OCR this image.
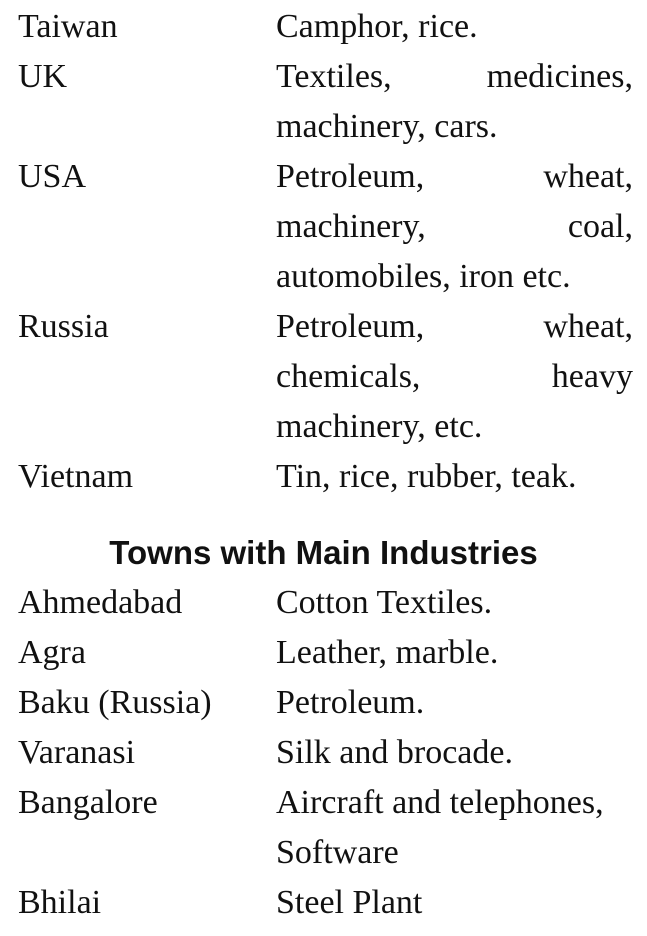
Taiwan	Camphor, rice.
UK	Textiles, medicines,
machinery, cars.
USA	Petroleum, wheat,
machinery, coal,
automobiles, iron etc.
Russia	Petroleum, wheat,
chemicals, heavy
machinery, etc.
Vietnam	Tin, rice, rubber, teak.
Towns with Main Industries
Ahmedabad	Cotton Textiles.
Agra	Leather, marble.
Baku (Russia) Petroleum.
Varanasi	Silk and brocade.
Bangalore	Aircraft and telephones,
Software
Bhilai	Steel Plant
